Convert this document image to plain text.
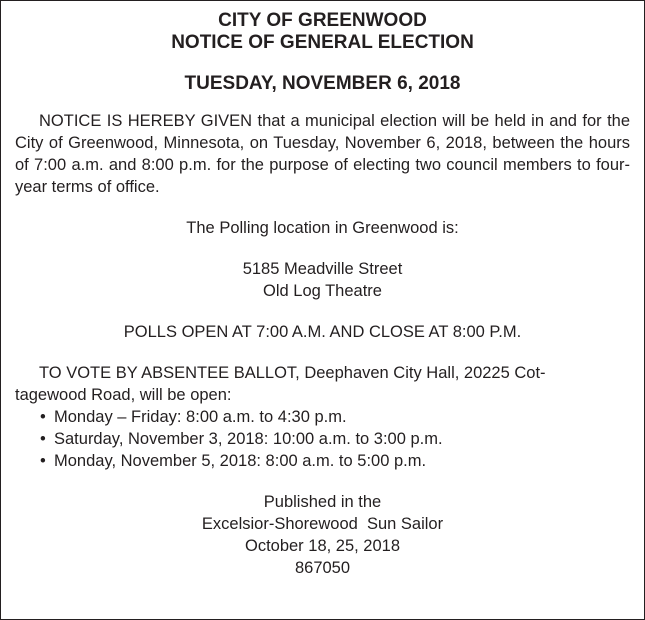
CITY OF GREENWOOD
NOTICE OF GENERAL ELECTION
TUESDAY, NOVEMBER 6, 2018
NOTICE IS HEREBY GIVEN that a municipal election will be held in and for the City of Greenwood, Minnesota, on Tuesday, November 6, 2018, between the hours of 7:00 a.m. and 8:00 p.m. for the purpose of electing two council members to four-year terms of office.
The Polling location in Greenwood is:
5185 Meadville Street
Old Log Theatre
POLLS OPEN AT 7:00 A.M. AND CLOSE AT 8:00 P.M.
TO VOTE BY ABSENTEE BALLOT, Deephaven City Hall, 20225 Cot-
tagewood Road, will be open:
• Monday – Friday: 8:00 a.m. to 4:30 p.m.
• Saturday, November 3, 2018: 10:00 a.m. to 3:00 p.m.
• Monday, November 5, 2018: 8:00 a.m. to 5:00 p.m.
Published in the
Excelsior-Shorewood  Sun Sailor
October 18, 25, 2018
867050
